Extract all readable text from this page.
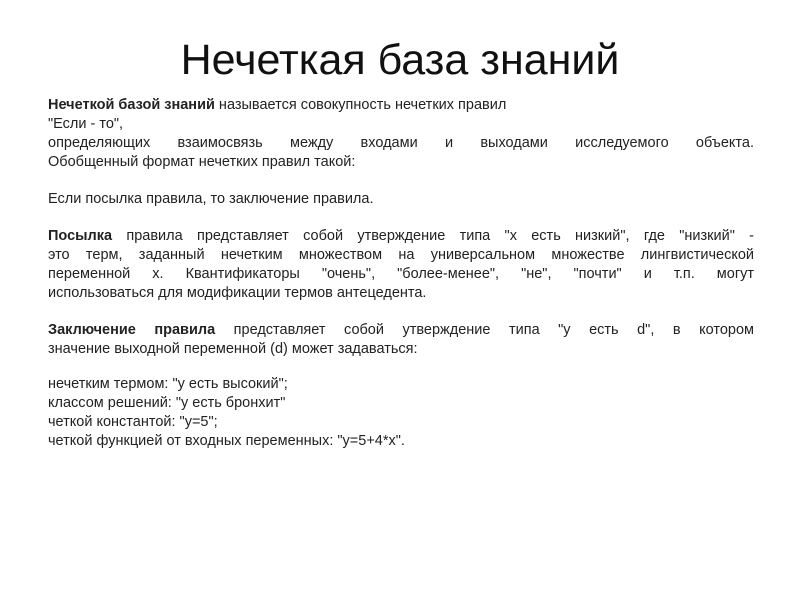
Нечеткая база знаний

Нечеткой базой знаний называется совокупность нечетких правил

"Если - то",

определяющих взаимосвязь между входами и выходами исследуемого объекта.

Обобщенный формат нечетких правил такой:

Если посылка правила, то заключение правила.

Посылка правила представляет собой утверждение типа "x есть низкий", где "низкий" -

это терм, заданный нечетким множеством на универсальном множестве лингвистической

переменной x. Квантификаторы "очень", "более-менее", "не", "почти" и т.п. могут

использоваться для модификации термов антецедента.

Заключение правила представляет собой утверждение типа "y есть d", в котором

значение выходной переменной (d) может задаваться:

нечетким термом: "y есть высокий";

классом решений: "y есть бронхит"

четкой константой: "y=5";

четкой функцией от входных переменных: "y=5+4*x".
